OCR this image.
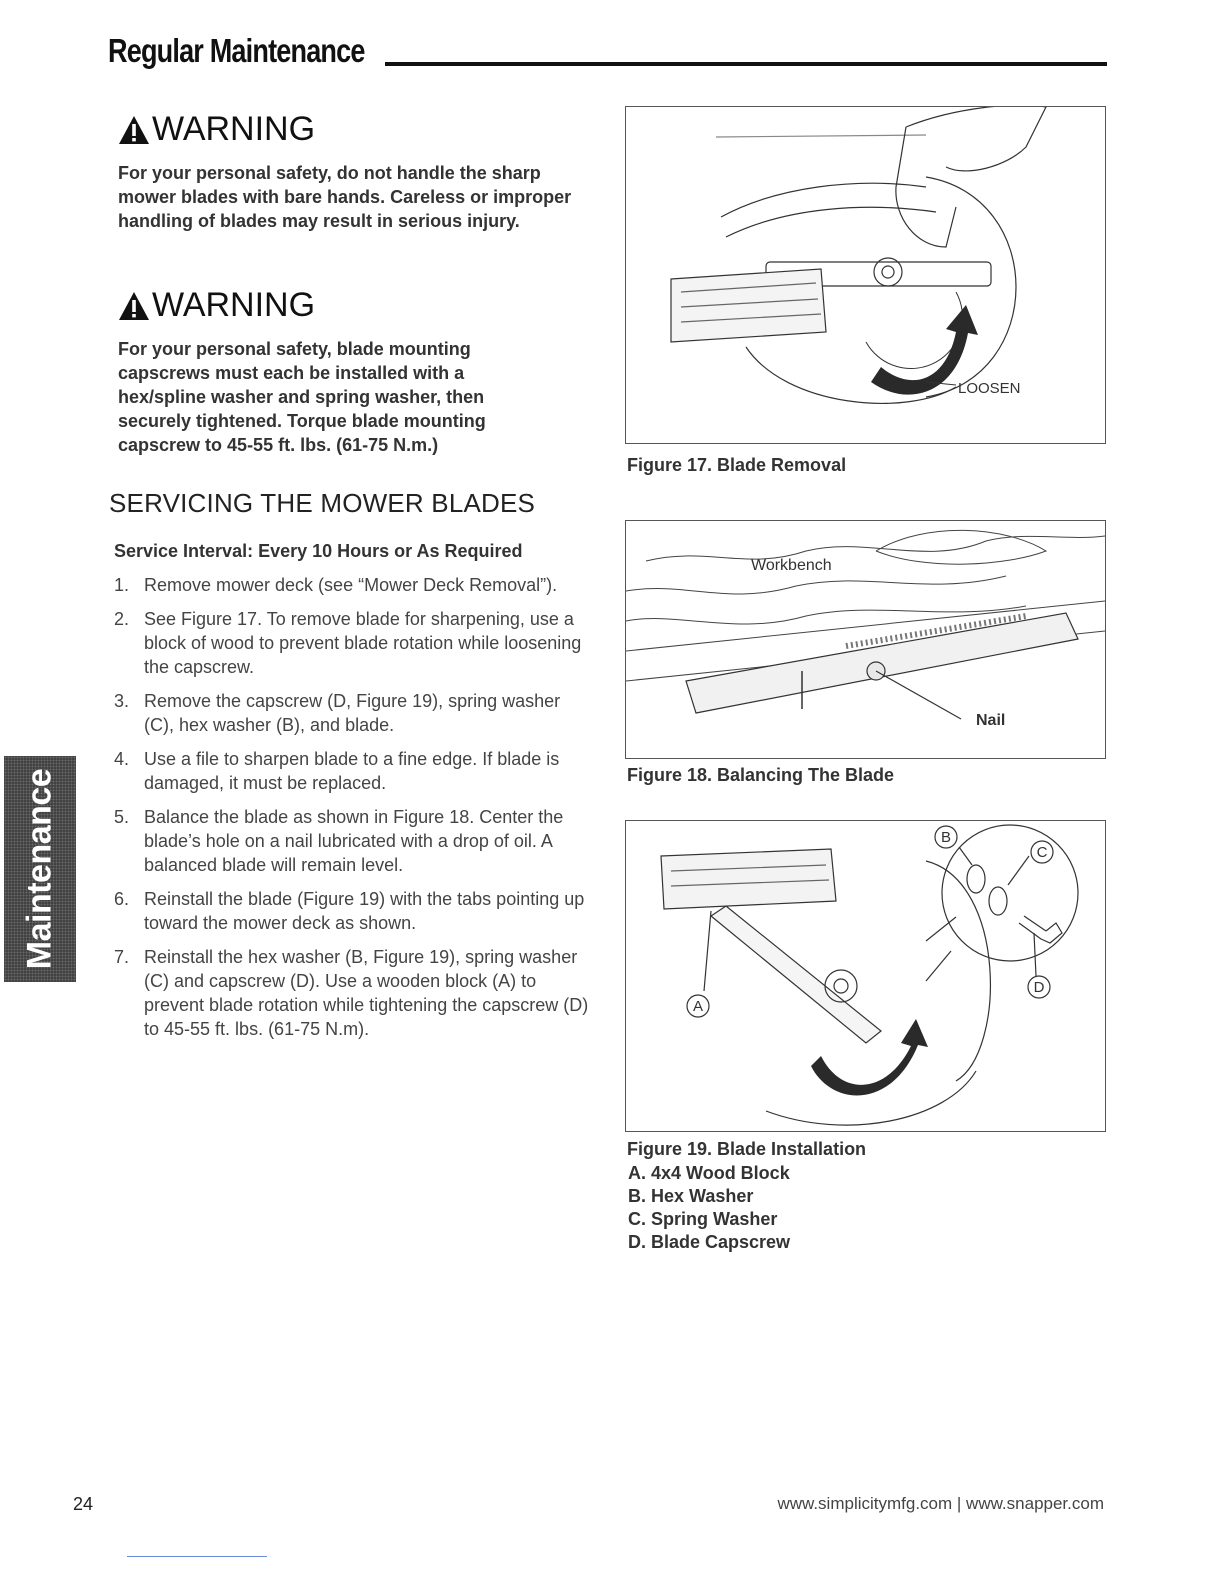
Regular Maintenance
WARNING
For your personal safety, do not handle the sharp mower blades with bare hands. Careless or improper handling of blades may result in serious injury.
WARNING
For your personal safety, blade mounting capscrews must each be installed with a hex/spline washer and spring washer, then securely tightened. Torque blade mounting capscrew to 45-55 ft. lbs. (61-75 N.m.)
SERVICING THE MOWER BLADES
Service Interval: Every 10 Hours or As Required
1. Remove mower deck (see “Mower Deck Removal”).
2. See Figure 17. To remove blade for sharpening, use a block of wood to prevent blade rotation while loosening the capscrew.
3. Remove the capscrew (D, Figure 19), spring washer (C), hex washer (B), and blade.
4. Use a file to sharpen blade to a fine edge. If blade is damaged, it must be replaced.
5. Balance the blade as shown in Figure 18. Center the blade’s hole on a nail lubricated with a drop of oil. A balanced blade will remain level.
6. Reinstall the blade (Figure 19) with the tabs pointing up toward the mower deck as shown.
7. Reinstall the hex washer (B, Figure 19), spring washer (C) and capscrew (D). Use a wooden block (A) to prevent blade rotation while tightening the capscrew (D) to 45-55 ft. lbs. (61-75 N.m).
Maintenance
LOOSEN
Figure 17. Blade Removal
Workbench
Nail
Figure 18. Balancing The Blade
B
C
D
A
Figure 19. Blade Installation
A. 4x4 Wood Block
B. Hex Washer
C. Spring Washer
D. Blade Capscrew
24	www.simplicitymfg.com | www.snapper.com
